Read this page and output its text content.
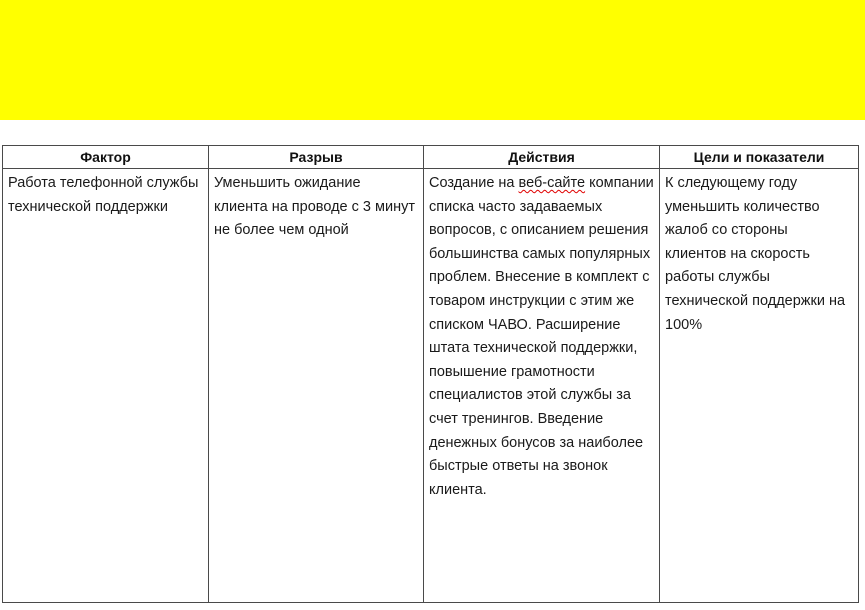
Фактор	Разрыв	Действия	Цели и показатели

Работа телефонной службы технической поддержки	Уменьшить ожидание клиента на проводе с 3 минут не более чем одной	Создание на веб-сайте компании списка часто задаваемых вопросов, с описанием решения большинства самых популярных проблем. Внесение в комплект с товаром инструкции с этим же списком ЧАВО. Расширение штата технической поддержки, повышение грамотности специалистов этой службы за счет тренингов. Введение денежных бонусов за наиболее быстрые ответы на звонок клиента.	К следующему году уменьшить количество жалоб со стороны клиентов на скорость работы службы технической поддержки на 100%
